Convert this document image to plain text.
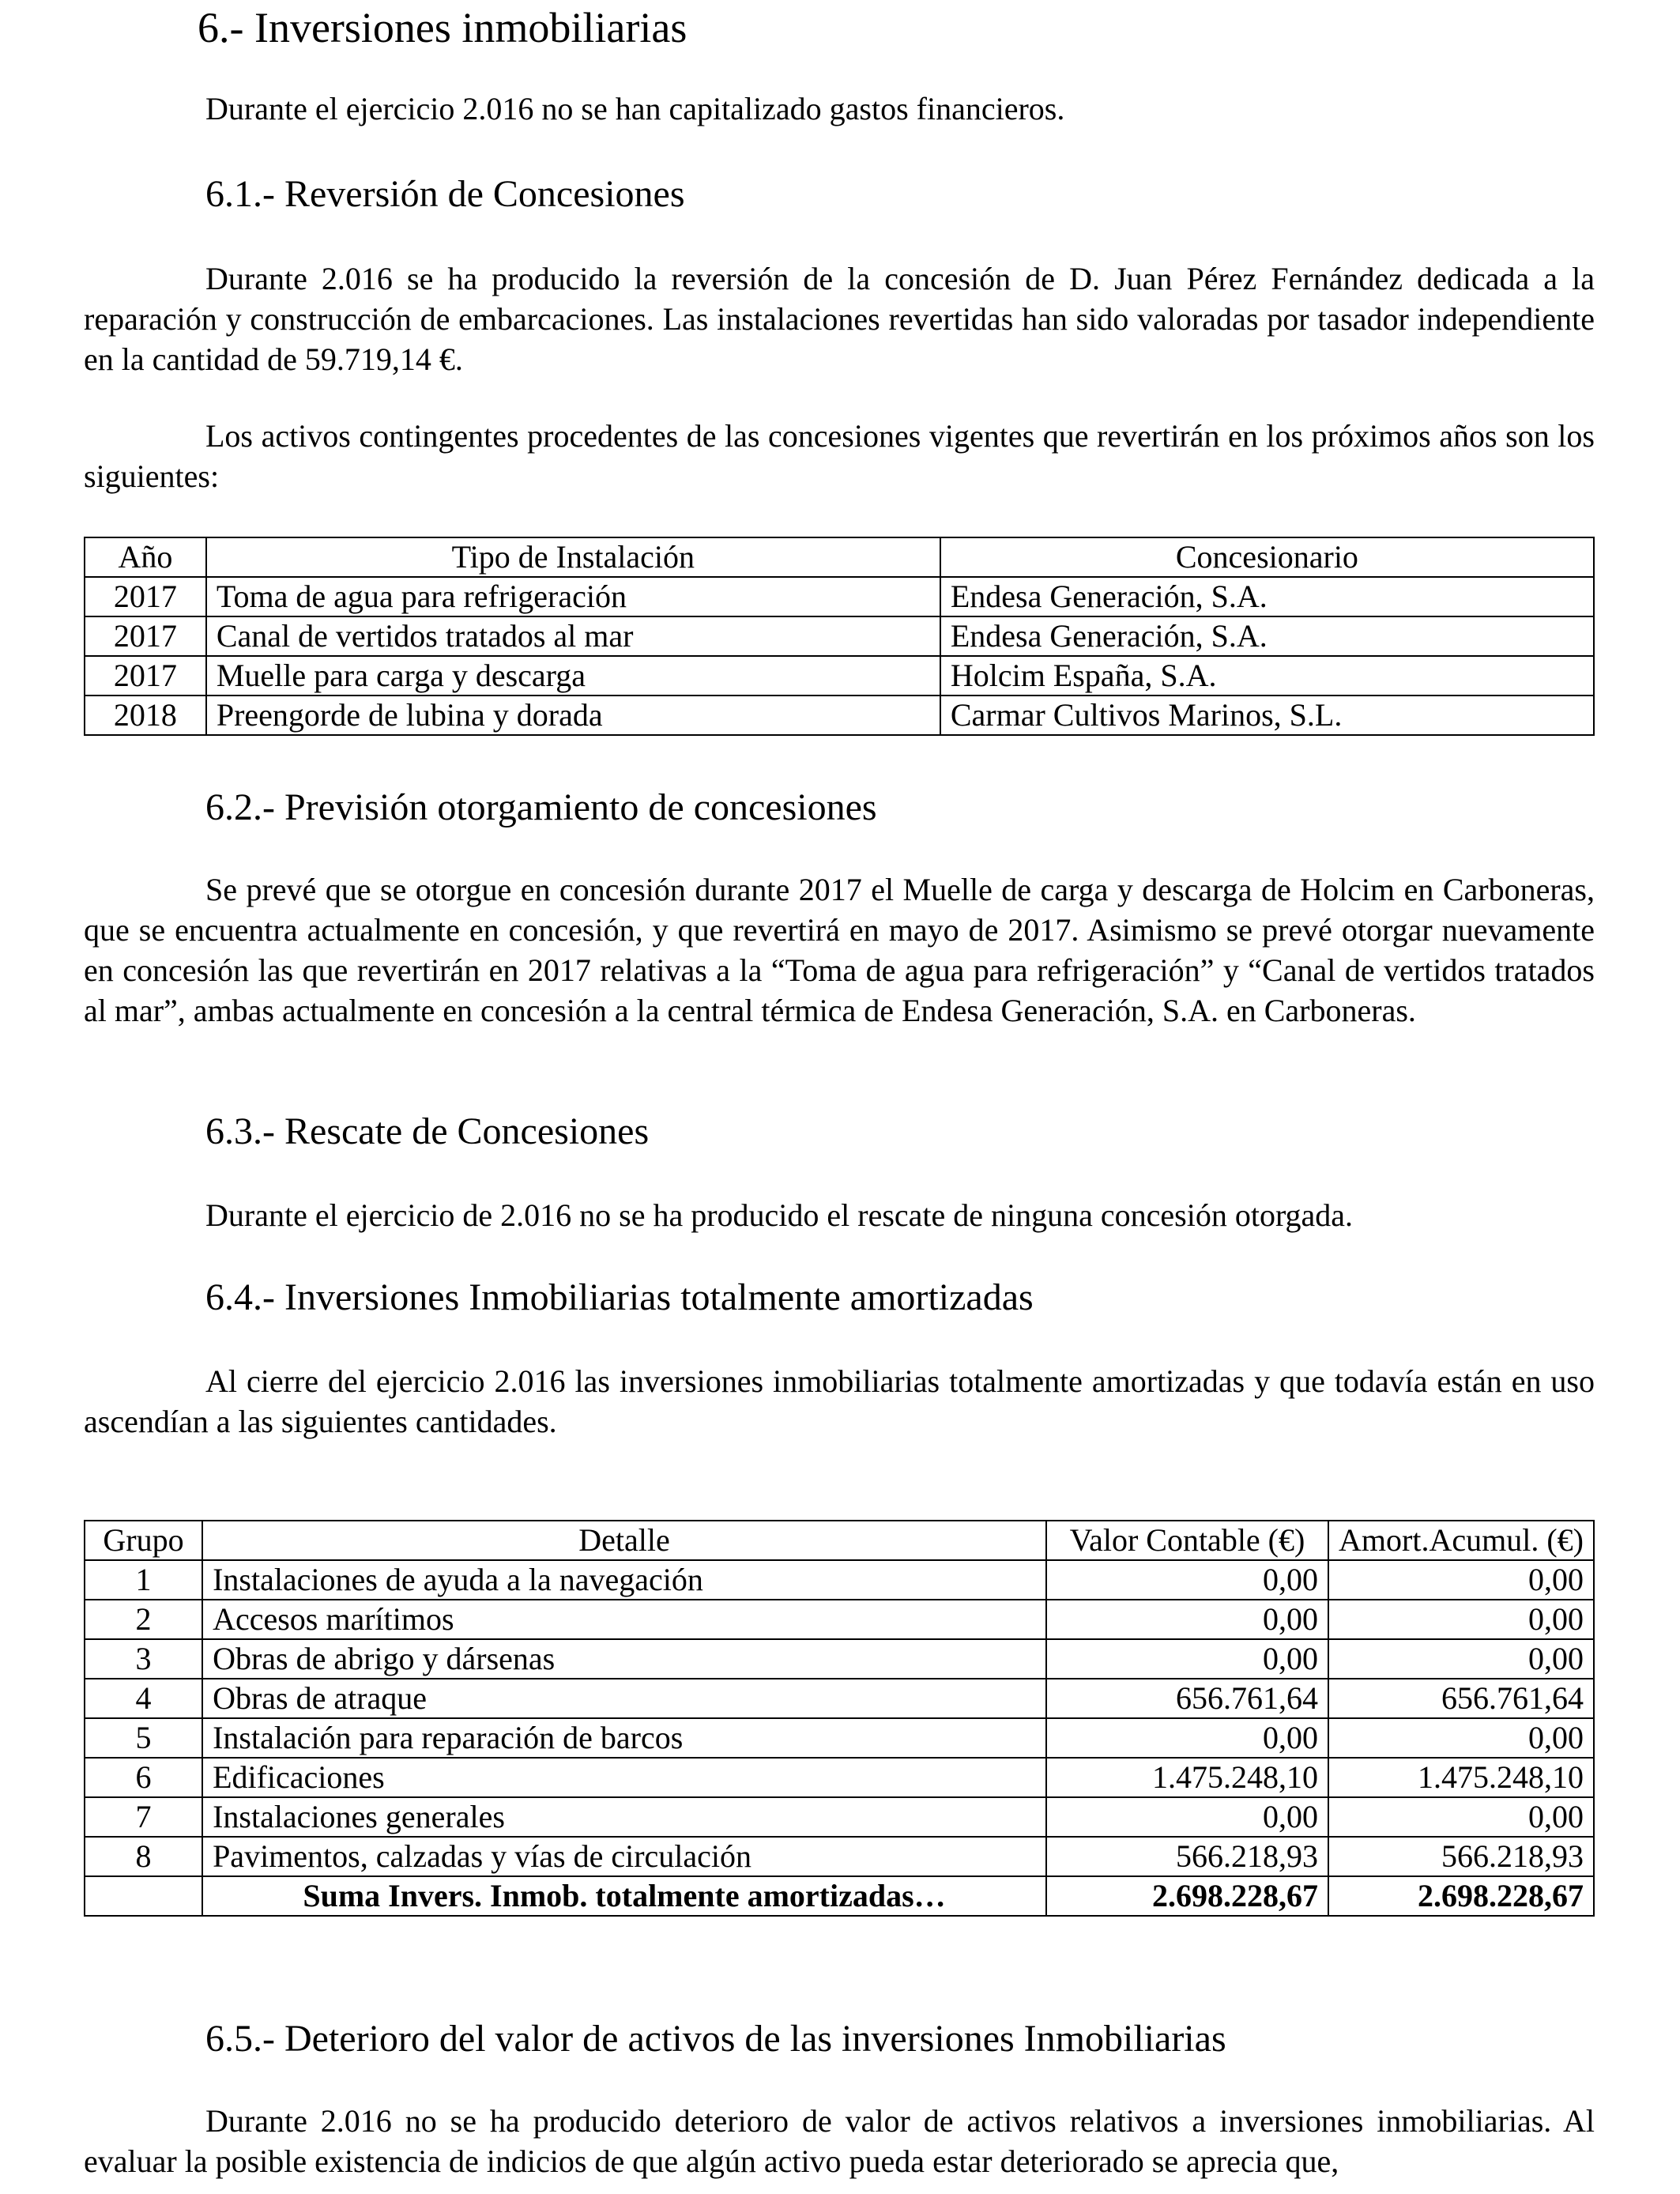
6.- Inversiones inmobiliarias

Durante el ejercicio 2.016 no se han capitalizado gastos financieros.

6.1.- Reversión de Concesiones

Durante 2.016 se ha producido la reversión de la concesión de D. Juan Pérez Fernández dedicada a la reparación y construcción de embarcaciones. Las instalaciones revertidas han sido valoradas por tasador independiente en la cantidad de 59.719,14 €.

Los activos contingentes procedentes de las concesiones vigentes que revertirán en los próximos años son los siguientes:

Año	Tipo de Instalación	Concesionario
2017	Toma de agua para refrigeración	Endesa Generación, S.A.
2017	Canal de vertidos tratados al mar	Endesa Generación, S.A.
2017	Muelle para carga y descarga	Holcim España, S.A.
2018	Preengorde de lubina y dorada	Carmar Cultivos Marinos, S.L.
6.2.- Previsión otorgamiento de concesiones

Se prevé que se otorgue en concesión durante 2017 el Muelle de carga y descarga de Holcim en Carboneras, que se encuentra actualmente en concesión, y que revertirá en mayo de 2017. Asimismo se prevé otorgar nuevamente en concesión las que revertirán en 2017 relativas a la “Toma de agua para refrigeración” y “Canal de vertidos tratados al mar”, ambas actualmente en concesión a la central térmica de Endesa Generación, S.A. en Carboneras.

6.3.- Rescate de Concesiones

Durante el ejercicio de 2.016 no se ha producido el rescate de ninguna concesión otorgada.

6.4.- Inversiones Inmobiliarias totalmente amortizadas

Al cierre del ejercicio 2.016 las inversiones inmobiliarias totalmente amortizadas y que todavía están en uso ascendían a las siguientes cantidades.

Grupo	Detalle	Valor Contable (€)	Amort.Acumul. (€)
1	Instalaciones de ayuda a la navegación	0,00	0,00
2	Accesos marítimos	0,00	0,00
3	Obras de abrigo y dársenas	0,00	0,00
4	Obras de atraque	656.761,64	656.761,64
5	Instalación para reparación de barcos	0,00	0,00
6	Edificaciones	1.475.248,10	1.475.248,10
7	Instalaciones generales	0,00	0,00
8	Pavimentos, calzadas y vías de circulación	566.218,93	566.218,93
	Suma Invers. Inmob. totalmente amortizadas…	2.698.228,67	2.698.228,67
6.5.- Deterioro del valor de activos de las inversiones Inmobiliarias

Durante 2.016 no se ha producido deterioro de valor de activos relativos a inversiones inmobiliarias. Al evaluar la posible existencia de indicios de que algún activo pueda estar deteriorado se aprecia que,
